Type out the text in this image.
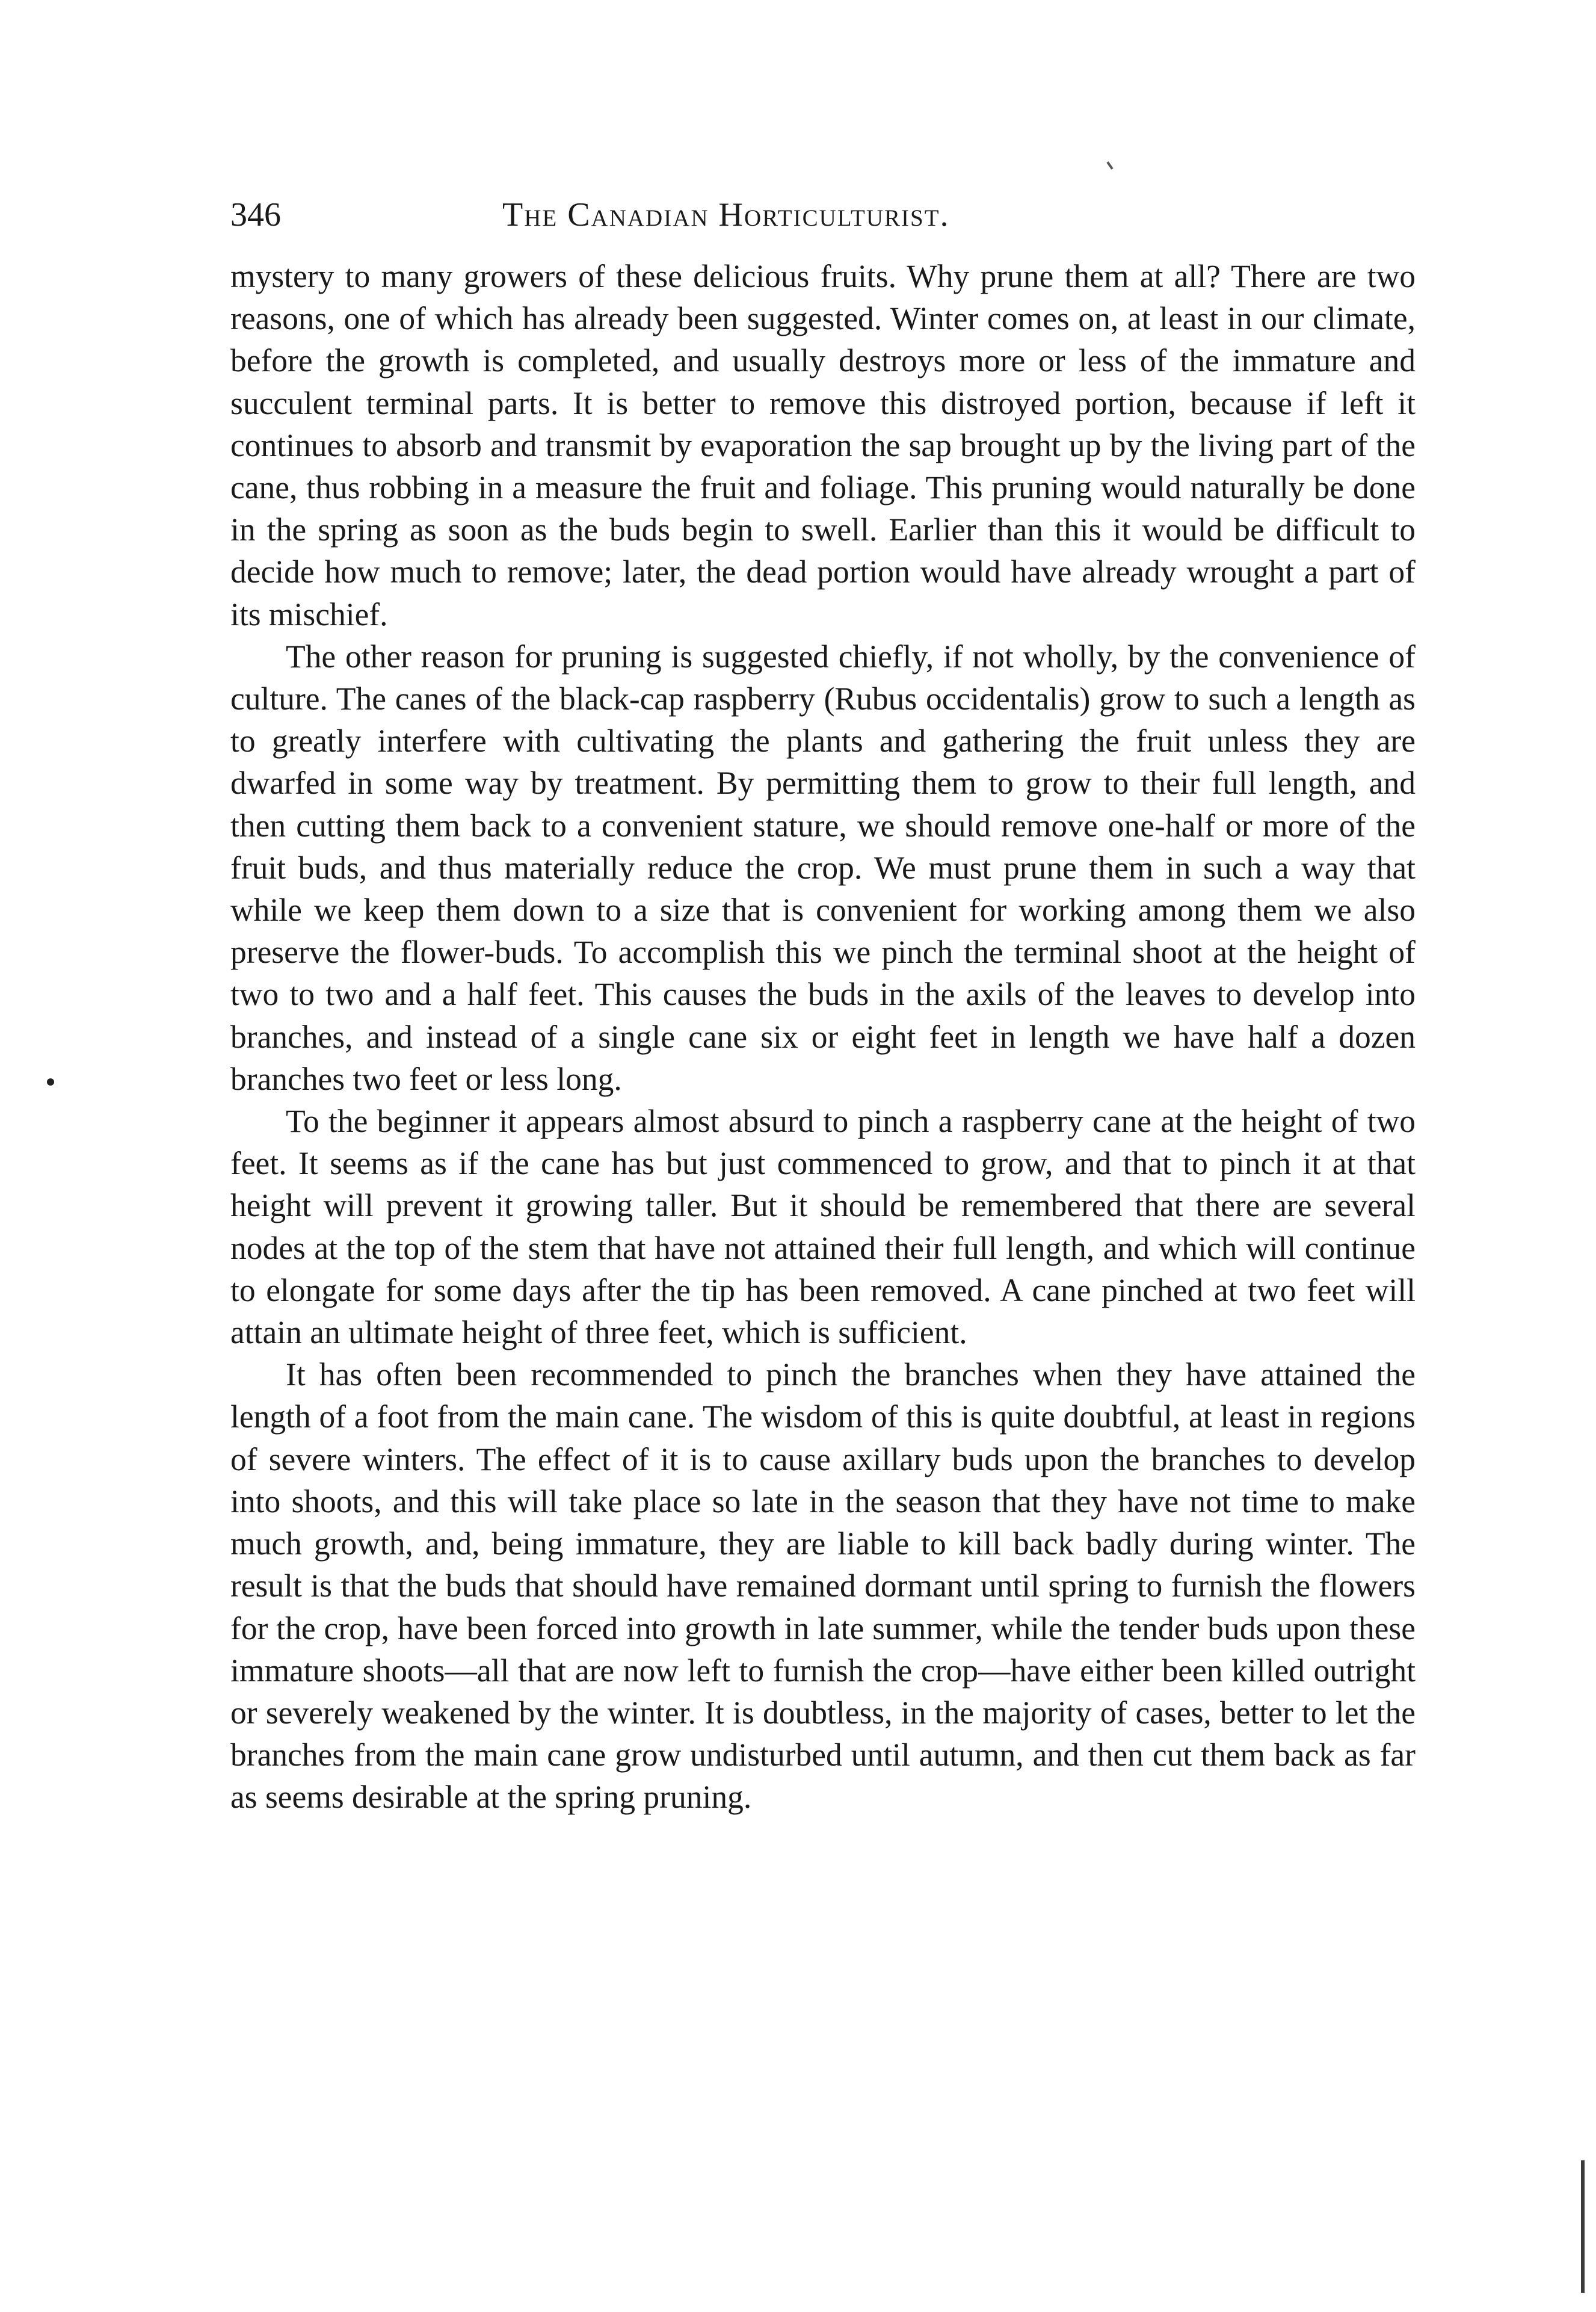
346	The Canadian Horticulturist.

mystery to many growers of these delicious fruits. Why prune them at all? There are two reasons, one of which has already been suggested. Winter comes on, at least in our climate, before the growth is completed, and usually destroys more or less of the immature and succulent terminal parts. It is better to remove this distroyed portion, because if left it continues to absorb and transmit by evaporation the sap brought up by the living part of the cane, thus robbing in a measure the fruit and foliage. This pruning would naturally be done in the spring as soon as the buds begin to swell. Earlier than this it would be difficult to decide how much to remove; later, the dead portion would have already wrought a part of its mischief.

The other reason for pruning is suggested chiefly, if not wholly, by the convenience of culture. The canes of the black-cap raspberry (Rubus occidentalis) grow to such a length as to greatly interfere with cultivating the plants and gathering the fruit unless they are dwarfed in some way by treatment. By permitting them to grow to their full length, and then cutting them back to a convenient stature, we should remove one-half or more of the fruit buds, and thus materially reduce the crop. We must prune them in such a way that while we keep them down to a size that is convenient for working among them we also preserve the flower-buds. To accomplish this we pinch the terminal shoot at the height of two to two and a half feet. This causes the buds in the axils of the leaves to develop into branches, and instead of a single cane six or eight feet in length we have half a dozen branches two feet or less long.

To the beginner it appears almost absurd to pinch a raspberry cane at the height of two feet. It seems as if the cane has but just commenced to grow, and that to pinch it at that height will prevent it growing taller. But it should be remembered that there are several nodes at the top of the stem that have not attained their full length, and which will continue to elongate for some days after the tip has been removed. A cane pinched at two feet will attain an ultimate height of three feet, which is sufficient.

It has often been recommended to pinch the branches when they have attained the length of a foot from the main cane. The wisdom of this is quite doubtful, at least in regions of severe winters. The effect of it is to cause axillary buds upon the branches to develop into shoots, and this will take place so late in the season that they have not time to make much growth, and, being immature, they are liable to kill back badly during winter. The result is that the buds that should have remained dormant until spring to furnish the flowers for the crop, have been forced into growth in late summer, while the tender buds upon these immature shoots—all that are now left to furnish the crop—have either been killed outright or severely weakened by the winter. It is doubtless, in the majority of cases, better to let the branches from the main cane grow undisturbed until autumn, and then cut them back as far as seems desirable at the spring pruning.
